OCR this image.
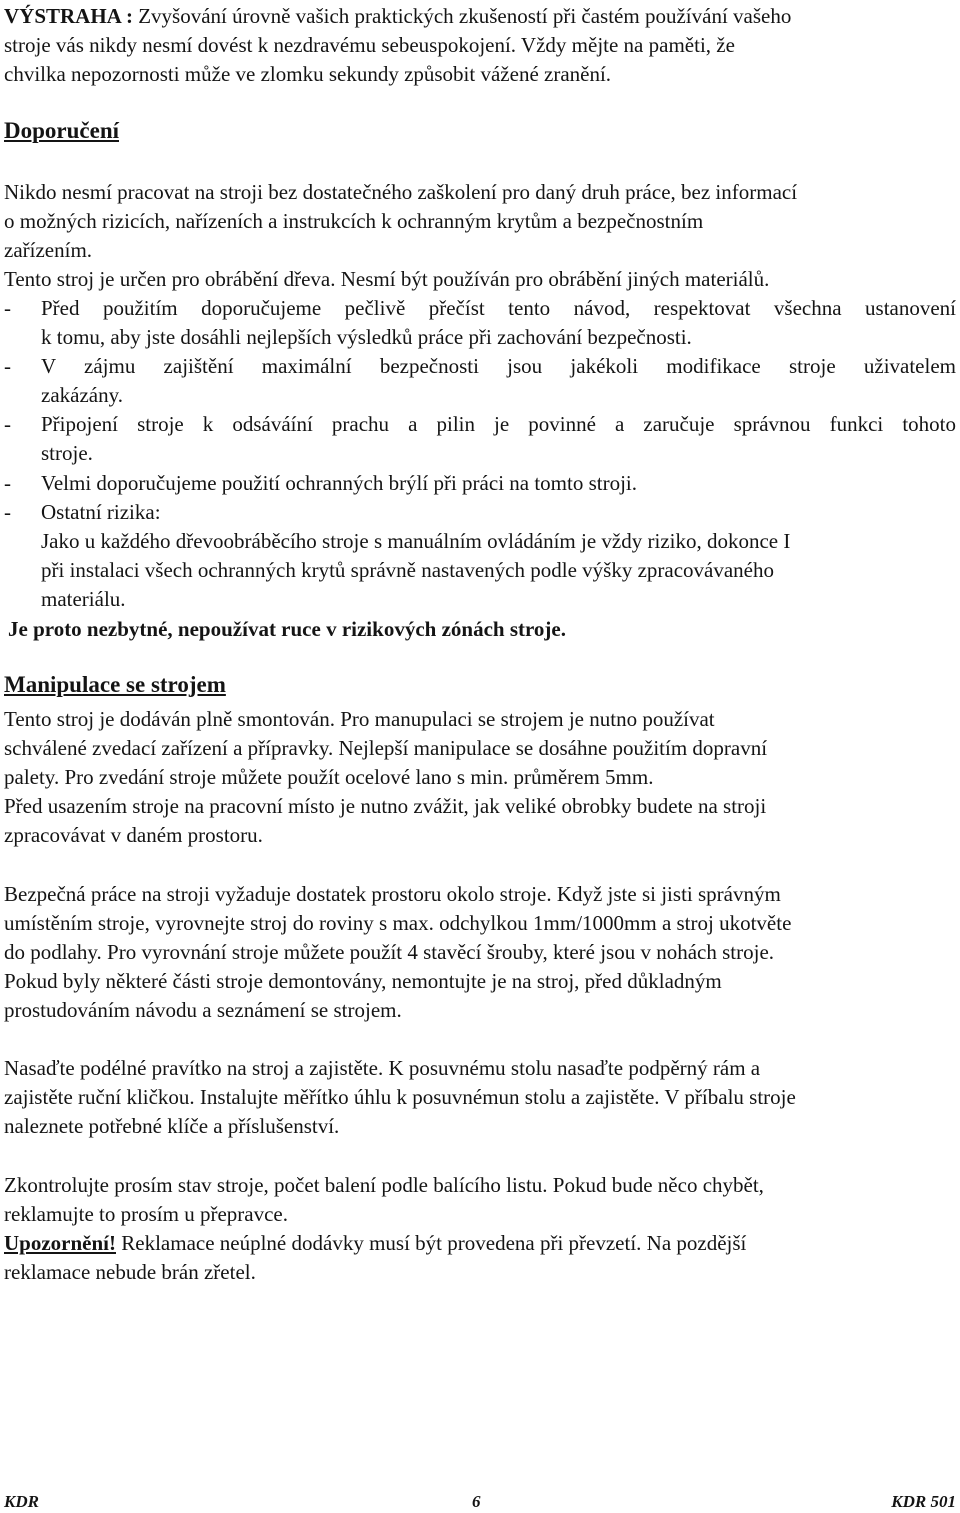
VÝSTRAHA : Zvyšování úrovně vašich praktických zkušeností při častém používání vašeho
stroje vás nikdy nesmí dovést k nezdravému sebeuspokojení. Vždy mějte na paměti, že
chvilka nepozornosti může ve zlomku sekundy způsobit vážené zranění.
Doporučení
Nikdo nesmí pracovat na stroji bez dostatečného zaškolení pro daný druh práce, bez informací
o možných rizicích, nařízeních a instrukcích k ochranným krytům a bezpečnostním
zařízením.
Tento stroj je určen pro obrábění dřeva. Nesmí být používán pro obrábění jiných materiálů.
- Před použitím doporučujeme pečlivě přečíst tento návod, respektovat všechna ustanovení
k tomu, aby jste dosáhli nejlepších výsledků práce při zachování bezpečnosti.
- V zájmu zajištění maximální bezpečnosti jsou jakékoli modifikace stroje uživatelem
zakázány.
- Připojení stroje k odsáváíní prachu a pilin je povinné a zaručuje správnou funkci tohoto
stroje.
- Velmi doporučujeme použití ochranných brýlí při práci na tomto stroji.
- Ostatní rizika:
Jako u každého dřevoobráběcího stroje s manuálním ovládáním je vždy riziko, dokonce I
při instalaci všech ochranných krytů správně nastavených podle výšky zpracovávaného
materiálu.
Je proto nezbytné, nepoužívat ruce v rizikových zónách stroje.
Manipulace se strojem
Tento stroj je dodáván plně smontován. Pro manupulaci se strojem je nutno používat
schválené zvedací zařízení a přípravky. Nejlepší manipulace se dosáhne použitím dopravní
palety. Pro zvedání stroje můžete použít ocelové lano s min. průměrem 5mm.
Před usazením stroje na pracovní místo je nutno zvážit, jak veliké obrobky budete na stroji
zpracovávat v daném prostoru.
Bezpečná práce na stroji vyžaduje dostatek prostoru okolo stroje. Když jste si jisti správným
umístěním stroje, vyrovnejte stroj do roviny s max. odchylkou 1mm/1000mm a stroj ukotvěte
do podlahy. Pro vyrovnání stroje můžete použít 4 stavěcí šrouby, které jsou v nohách stroje.
Pokud byly některé části stroje demontovány, nemontujte je na stroj, před důkladným
prostudováním návodu a seznámení se strojem.
Nasaďte podélné pravítko na stroj a zajistěte. K posuvnému stolu nasaďte podpěrný rám a
zajistěte ruční kličkou. Instalujte měřítko úhlu k posuvnémun stolu a zajistěte. V příbalu stroje
naleznete potřebné klíče a příslušenství.
Zkontrolujte prosím stav stroje, počet balení podle balícího listu. Pokud bude něco chybět,
reklamujte to prosím u přepravce.
Upozornění! Reklamace neúplné dodávky musí být provedena při převzetí. Na pozdější
reklamace nebude brán zřetel.
KDR	6	KDR 501
